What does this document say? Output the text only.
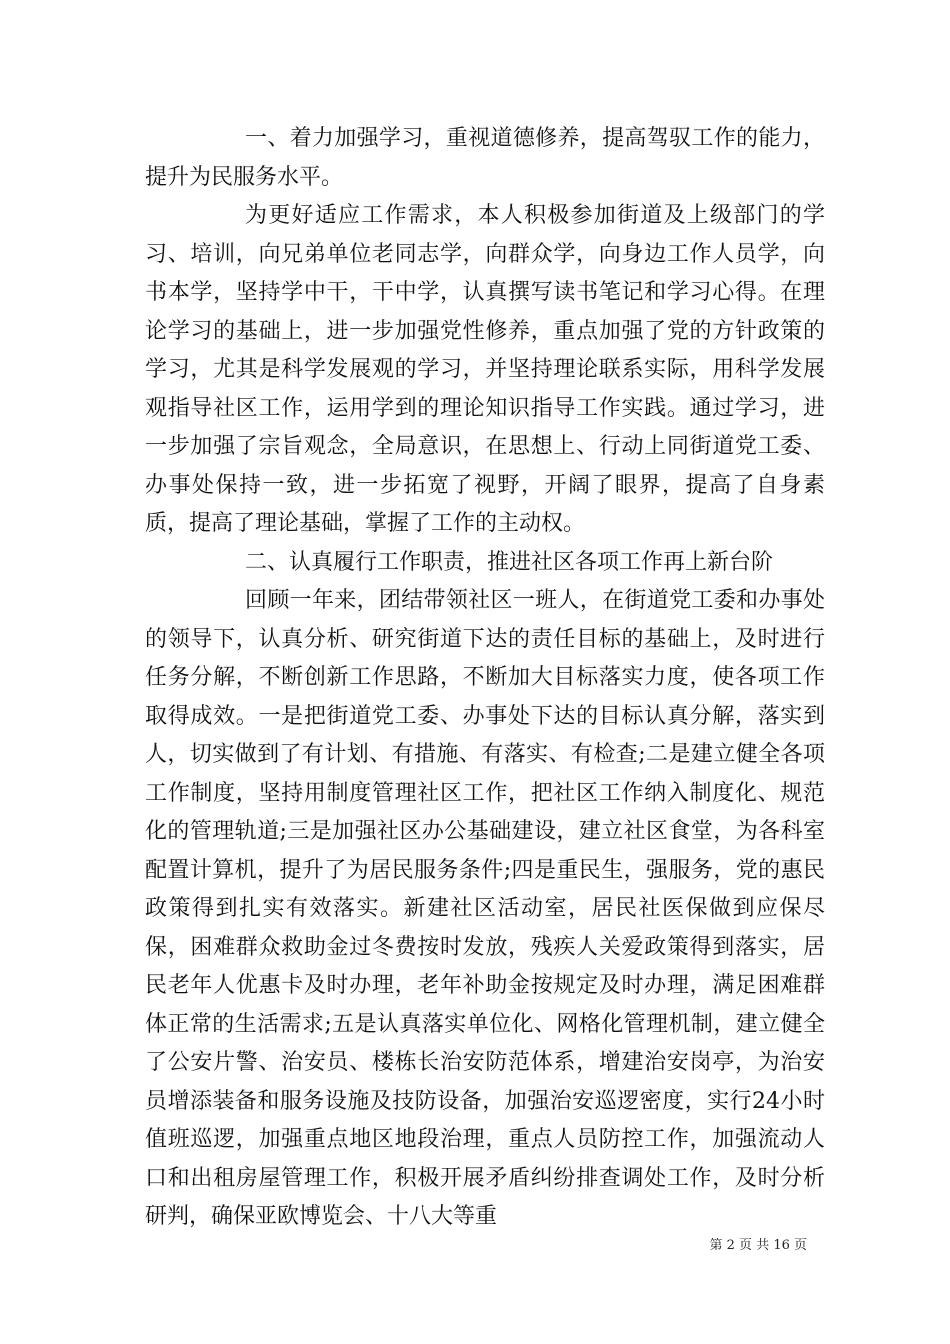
一、着力加强学习，重视道德修养，提高驾驭工作的能力，提升为民服务水平。

为更好适应工作需求，本人积极参加街道及上级部门的学习、培训，向兄弟单位老同志学，向群众学，向身边工作人员学，向书本学，坚持学中干，干中学，认真撰写读书笔记和学习心得。在理论学习的基础上，进一步加强党性修养，重点加强了党的方针政策的学习，尤其是科学发展观的学习，并坚持理论联系实际，用科学发展观指导社区工作，运用学到的理论知识指导工作实践。通过学习，进一步加强了宗旨观念，全局意识，在思想上、行动上同街道党工委、办事处保持一致，进一步拓宽了视野，开阔了眼界，提高了自身素质，提高了理论基础，掌握了工作的主动权。

二、认真履行工作职责，推进社区各项工作再上新台阶

回顾一年来，团结带领社区一班人，在街道党工委和办事处的领导下，认真分析、研究街道下达的责任目标的基础上，及时进行任务分解，不断创新工作思路，不断加大目标落实力度，使各项工作取得成效。一是把街道党工委、办事处下达的目标认真分解，落实到人，切实做到了有计划、有措施、有落实、有检查;二是建立健全各项工作制度，坚持用制度管理社区工作，把社区工作纳入制度化、规范化的管理轨道;三是加强社区办公基础建设，建立社区食堂，为各科室配置计算机，提升了为居民服务条件;四是重民生，强服务，党的惠民政策得到扎实有效落实。新建社区活动室，居民社医保做到应保尽保，困难群众救助金过冬费按时发放，残疾人关爱政策得到落实，居民老年人优惠卡及时办理，老年补助金按规定及时办理，满足困难群体正常的生活需求;五是认真落实单位化、网格化管理机制，建立健全了公安片警、治安员、楼栋长治安防范体系，增建治安岗亭，为治安员增添装备和服务设施及技防设备，加强治安巡逻密度，实行24小时值班巡逻，加强重点地区地段治理，重点人员防控工作，加强流动人口和出租房屋管理工作，积极开展矛盾纠纷排查调处工作，及时分析研判，确保亚欧博览会、十八大等重

第 2 页 共 16 页
